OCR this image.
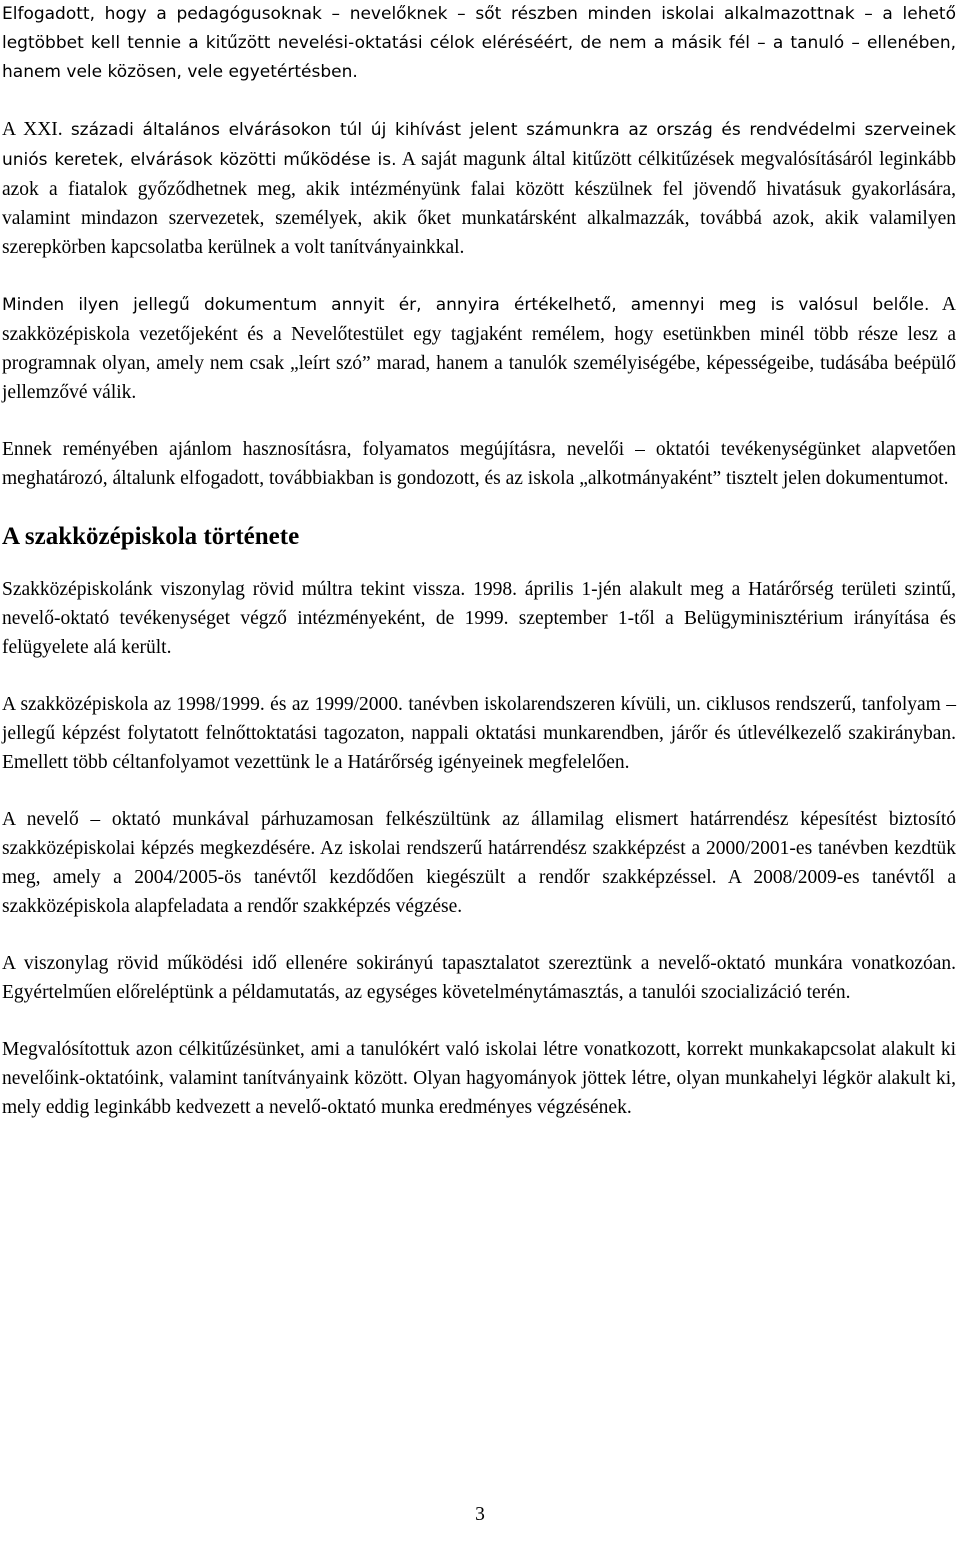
Elfogadott, hogy a pedagógusoknak – nevelőknek – sőt részben minden iskolai alkalmazottnak – a lehető legtöbbet kell tennie a kitűzött nevelési-oktatási célok eléréséért, de nem a másik fél – a tanuló – ellenében, hanem vele közösen, vele egyetértésben.

A XXI. századi általános elvárásokon túl új kihívást jelent számunkra az ország és rendvédelmi szerveinek uniós keretek, elvárások közötti működése is. A saját magunk által kitűzött célkitűzések megvalósításáról leginkább azok a fiatalok győződhetnek meg, akik intézményünk falai között készülnek fel jövendő hivatásuk gyakorlására, valamint mindazon szervezetek, személyek, akik őket munkatársként alkalmazzák, továbbá azok, akik valamilyen szerepkörben kapcsolatba kerülnek a volt tanítványainkkal.

Minden ilyen jellegű dokumentum annyit ér, annyira értékelhető, amennyi meg is valósul belőle. A szakközépiskola vezetőjeként és a Nevelőtestület egy tagjaként remélem, hogy esetünkben minél több része lesz a programnak olyan, amely nem csak „leírt szó” marad, hanem a tanulók személyiségébe, képességeibe, tudásába beépülő jellemzővé válik.

Ennek reményében ajánlom hasznosításra, folyamatos megújításra, nevelői – oktatói tevékenységünket alapvetően meghatározó, általunk elfogadott, továbbiakban is gondozott, és az iskola „alkotmányaként” tisztelt jelen dokumentumot.

A szakközépiskola története

Szakközépiskolánk viszonylag rövid múltra tekint vissza. 1998. április 1-jén alakult meg a Határőrség területi szintű, nevelő-oktató tevékenységet végző intézményeként, de 1999. szeptember 1-től a Belügyminisztérium irányítása és felügyelete alá került.

A szakközépiskola az 1998/1999. és az 1999/2000. tanévben iskolarendszeren kívüli, un. ciklusos rendszerű, tanfolyam – jellegű képzést folytatott felnőttoktatási tagozaton, nappali oktatási munkarendben, járőr és útlevélkezelő szakirányban. Emellett több céltanfolyamot vezettünk le a Határőrség igényeinek megfelelően.

A nevelő – oktató munkával párhuzamosan felkészültünk az államilag elismert határrendész képesítést biztosító szakközépiskolai képzés megkezdésére. Az iskolai rendszerű határrendész szakképzést a 2000/2001-es tanévben kezdtük meg, amely a 2004/2005-ös tanévtől kezdődően kiegészült a rendőr szakképzéssel. A 2008/2009-es tanévtől a szakközépiskola alapfeladata a rendőr szakképzés végzése.

A viszonylag rövid működési idő ellenére sokirányú tapasztalatot szereztünk a nevelő-oktató munkára vonatkozóan. Egyértelműen előreléptünk a példamutatás, az egységes követelménytámasztás, a tanulói szocializáció terén.

Megvalósítottuk azon célkitűzésünket, ami a tanulókért való iskolai létre vonatkozott, korrekt munkakapcsolat alakult ki nevelőink-oktatóink, valamint tanítványaink között. Olyan hagyományok jöttek létre, olyan munkahelyi légkör alakult ki, mely eddig leginkább kedvezett a nevelő-oktató munka eredményes végzésének.

3
